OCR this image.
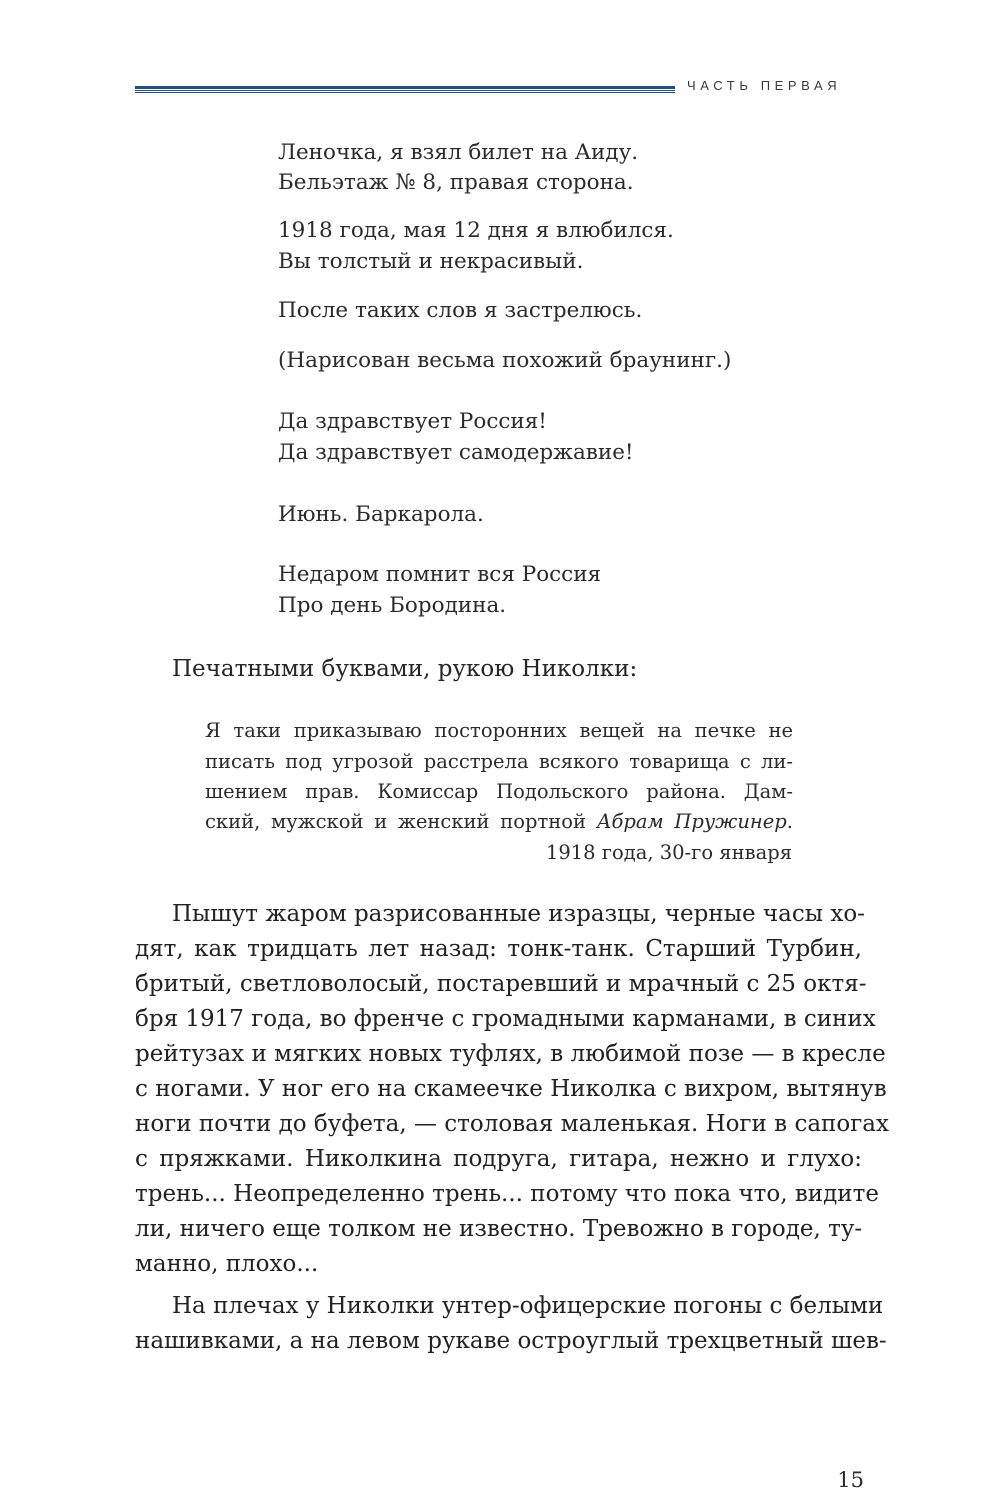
ЧАСТЬ ПЕРВАЯ
Леночка, я взял билет на Аиду.
Бельэтаж № 8, правая сторона.
1918 года, мая 12 дня я влюбился.
Вы толстый и некрасивый.
После таких слов я застрелюсь.
(Нарисован весьма похожий браунинг.)
Да здравствует Россия!
Да здравствует самодержавие!
Июнь. Баркарола.
Недаром помнит вся Россия
Про день Бородина.
Печатными буквами, рукою Николки:
Я таки приказываю посторонних вещей на печке не
писать под угрозой расстрела всякого товарища с ли-
шением прав. Комиссар Подольского района. Дам-
ский, мужской и женский портной Абрам Пружинер.
1918 года, 30-го января
Пышут жаром разрисованные изразцы, черные часы хо-
дят, как тридцать лет назад: тонк-танк. Старший Турбин,
бритый, светловолосый, постаревший и мрачный с 25 октя-
бря 1917 года, во френче с громадными карманами, в синих
рейтузах и мягких новых туфлях, в любимой позе — в кресле
с ногами. У ног его на скамеечке Николка с вихром, вытянув
ноги почти до буфета, — столовая маленькая. Ноги в сапогах
с пряжками. Николкина подруга, гитара, нежно и глухо:
трень... Неопределенно трень... потому что пока что, видите
ли, ничего еще толком не известно. Тревожно в городе, ту-
манно, плохо...
На плечах у Николки унтер-офицерские погоны с белыми
нашивками, а на левом рукаве остроуглый трехцветный шев-
15
